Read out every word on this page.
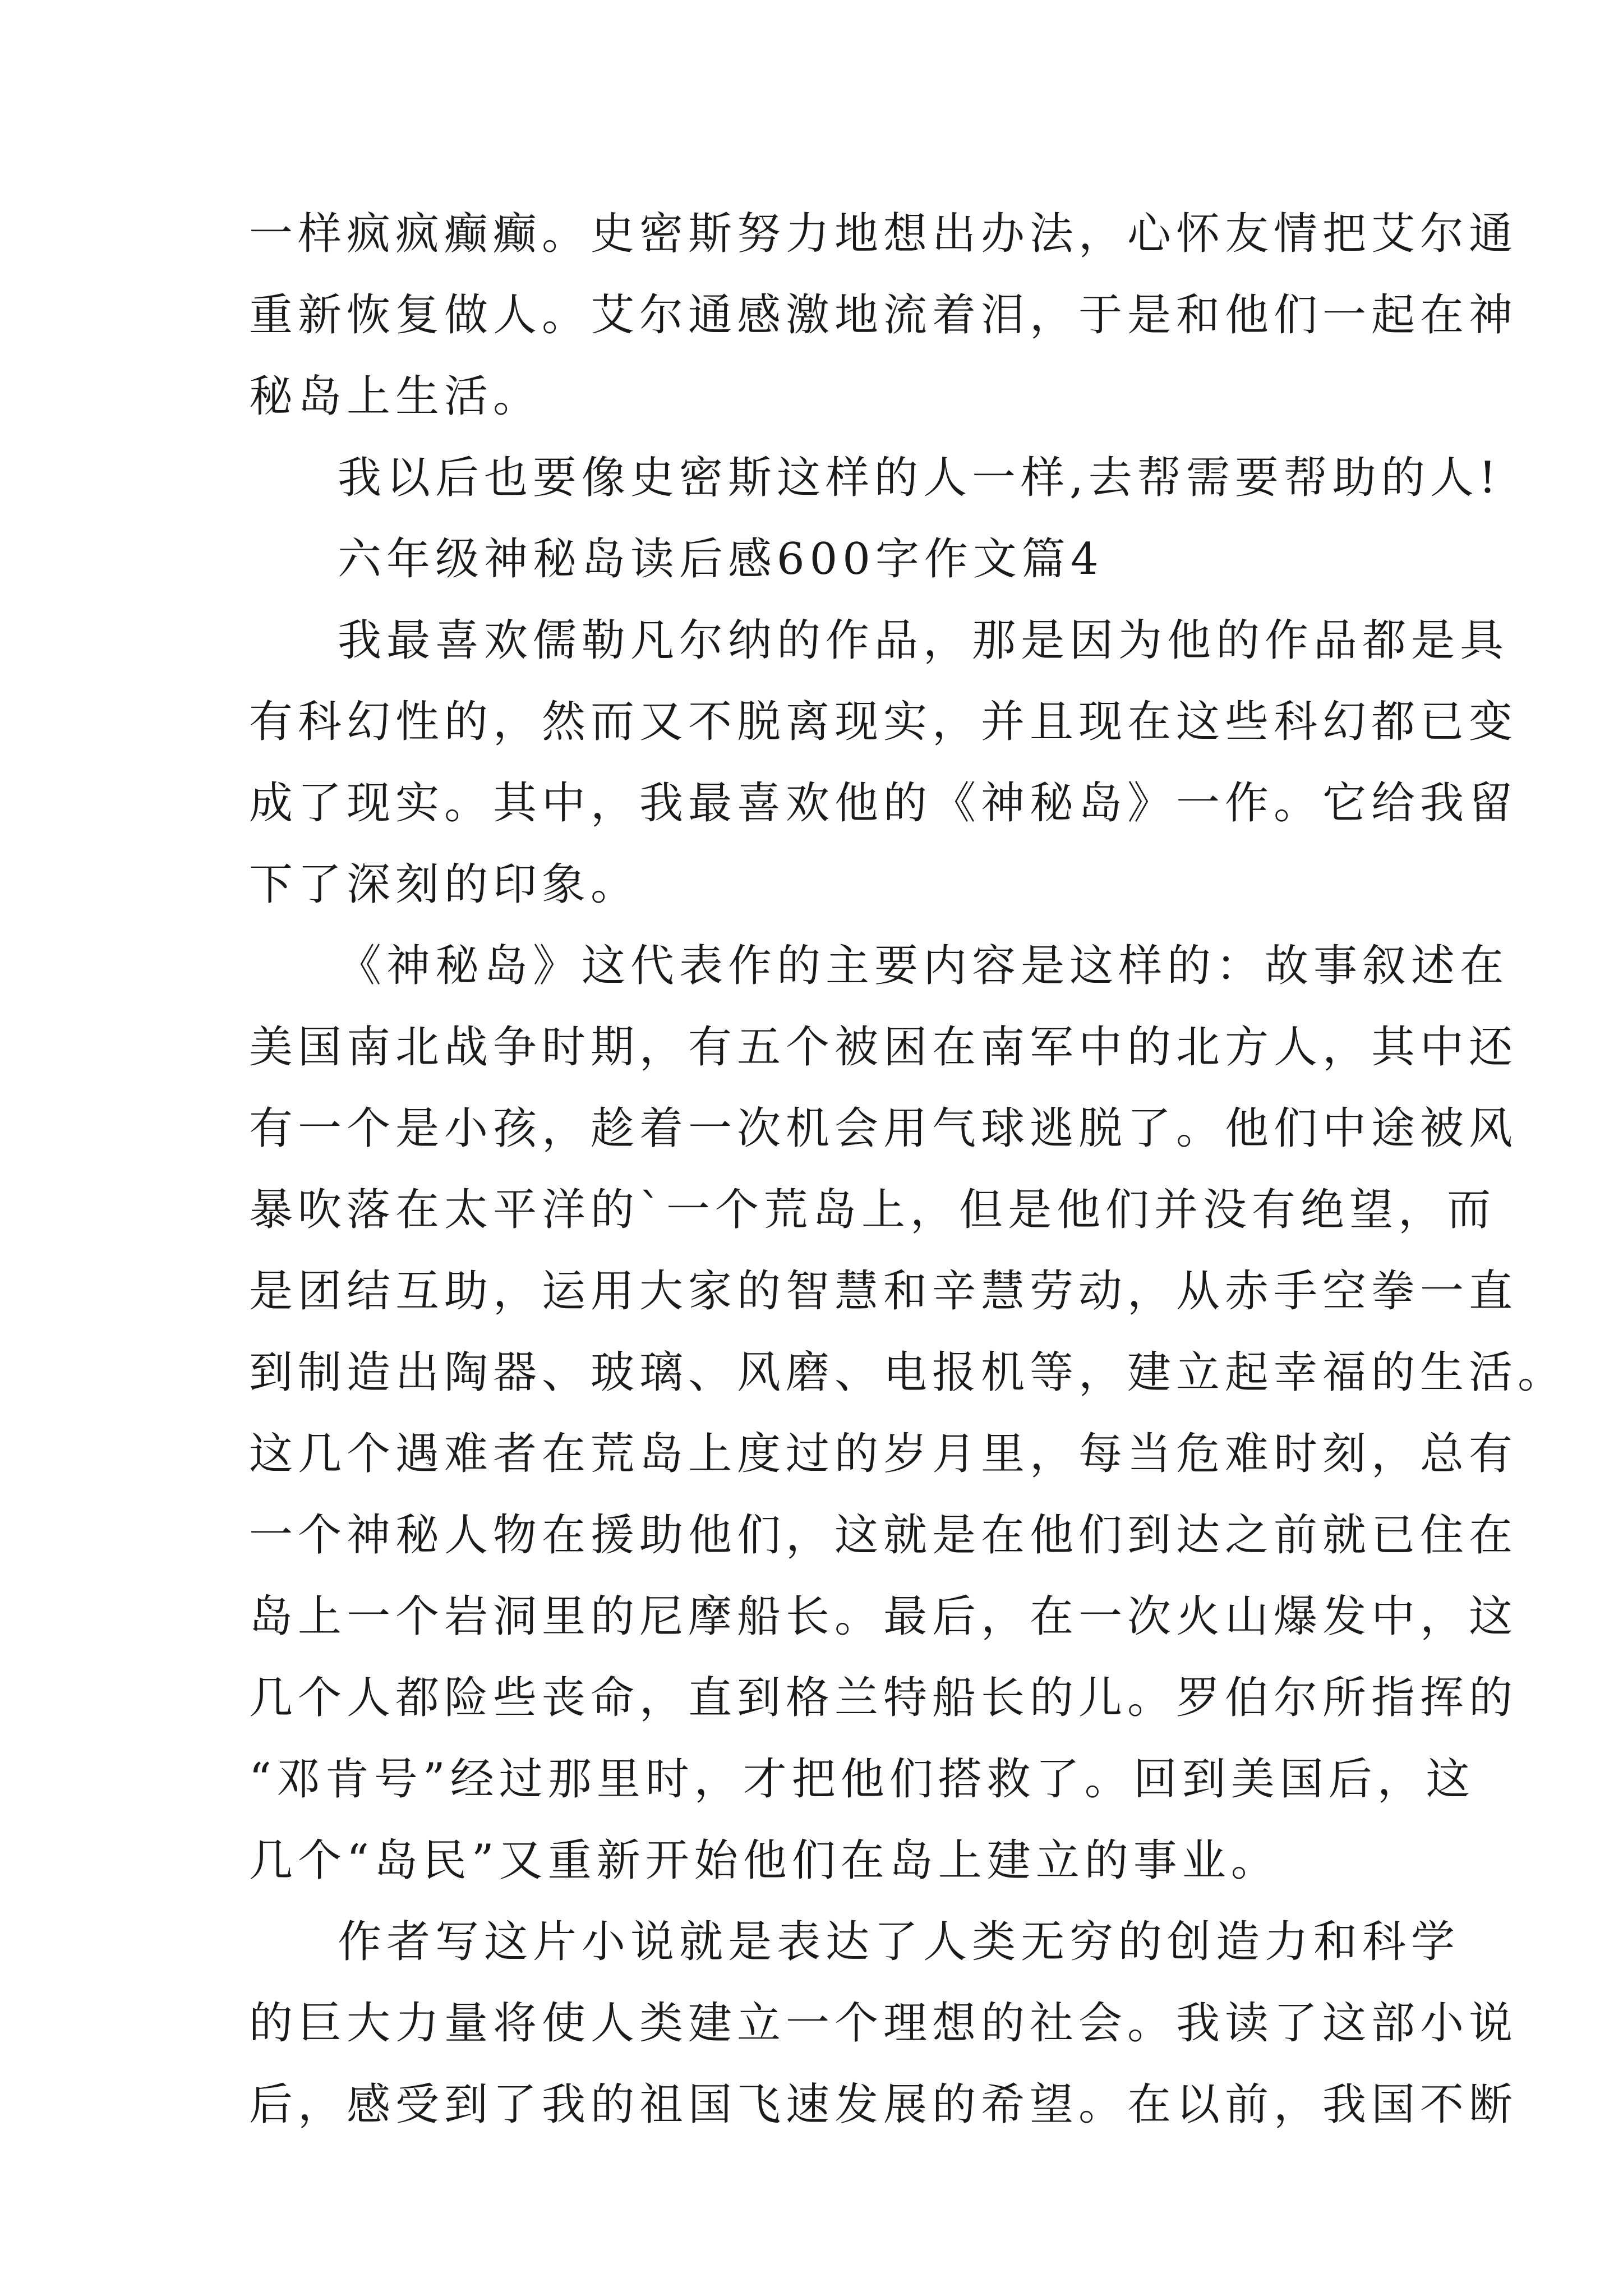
一样疯疯癫癫。史密斯努力地想出办法，心怀友情把艾尔通
重新恢复做人。艾尔通感激地流着泪，于是和他们一起在神
秘岛上生活。
我以后也要像史密斯这样的人一样,去帮需要帮助的人!
六年级神秘岛读后感600字作文篇4
我最喜欢儒勒凡尔纳的作品，那是因为他的作品都是具
有科幻性的，然而又不脱离现实，并且现在这些科幻都已变
成了现实。其中，我最喜欢他的《神秘岛》一作。它给我留
下了深刻的印象。
《神秘岛》这代表作的主要内容是这样的：故事叙述在
美国南北战争时期，有五个被困在南军中的北方人，其中还
有一个是小孩，趁着一次机会用气球逃脱了。他们中途被风
暴吹落在太平洋的`一个荒岛上，但是他们并没有绝望，而
是团结互助，运用大家的智慧和辛慧劳动，从赤手空拳一直
到制造出陶器、玻璃、风磨、电报机等，建立起幸福的生活。
这几个遇难者在荒岛上度过的岁月里，每当危难时刻，总有
一个神秘人物在援助他们，这就是在他们到达之前就已住在
岛上一个岩洞里的尼摩船长。最后，在一次火山爆发中，这
几个人都险些丧命，直到格兰特船长的儿。罗伯尔所指挥的
“邓肯号”经过那里时，才把他们搭救了。回到美国后，这
几个“岛民”又重新开始他们在岛上建立的事业。
作者写这片小说就是表达了人类无穷的创造力和科学
的巨大力量将使人类建立一个理想的社会。我读了这部小说
后，感受到了我的祖国飞速发展的希望。在以前，我国不断
